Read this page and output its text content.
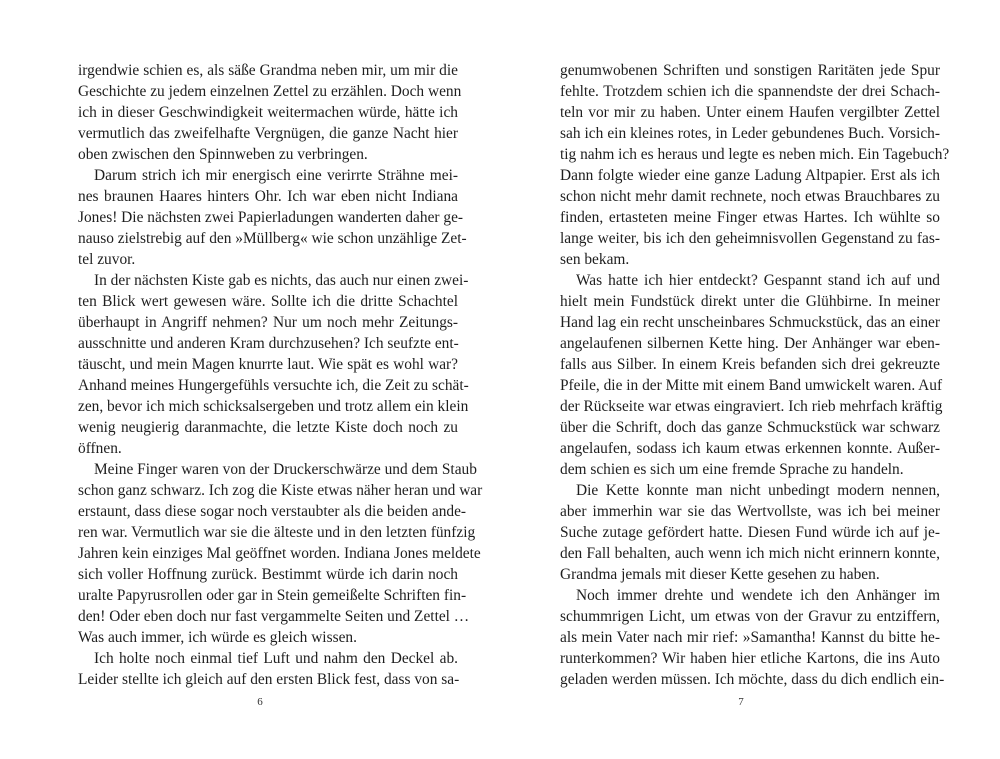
irgendwie schien es, als säße Grandma neben mir, um mir die
Geschichte zu jedem einzelnen Zettel zu erzählen. Doch wenn
ich in dieser Geschwindigkeit weitermachen würde, hätte ich
vermutlich das zweifelhafte Vergnügen, die ganze Nacht hier
oben zwischen den Spinnweben zu verbringen.
Darum strich ich mir energisch eine verirrte Strähne mei-
nes braunen Haares hinters Ohr. Ich war eben nicht Indiana
Jones! Die nächsten zwei Papierladungen wanderten daher ge-
nauso zielstrebig auf den »Müllberg« wie schon unzählige Zet-
tel zuvor.
In der nächsten Kiste gab es nichts, das auch nur einen zwei-
ten Blick wert gewesen wäre. Sollte ich die dritte Schachtel
überhaupt in Angriff nehmen? Nur um noch mehr Zeitungs-
ausschnitte und anderen Kram durchzusehen? Ich seufzte ent-
täuscht, und mein Magen knurrte laut. Wie spät es wohl war?
Anhand meines Hungergefühls versuchte ich, die Zeit zu schät-
zen, bevor ich mich schicksalsergeben und trotz allem ein klein
wenig neugierig daranmachte, die letzte Kiste doch noch zu
öffnen.
Meine Finger waren von der Druckerschwärze und dem Staub
schon ganz schwarz. Ich zog die Kiste etwas näher heran und war
erstaunt, dass diese sogar noch verstaubter als die beiden ande-
ren war. Vermutlich war sie die älteste und in den letzten fünfzig
Jahren kein einziges Mal geöffnet worden. Indiana Jones meldete
sich voller Hoffnung zurück. Bestimmt würde ich darin noch
uralte Papyrusrollen oder gar in Stein gemeißelte Schriften fin-
den! Oder eben doch nur fast vergammelte Seiten und Zettel …
Was auch immer, ich würde es gleich wissen.
Ich holte noch einmal tief Luft und nahm den Deckel ab.
Leider stellte ich gleich auf den ersten Blick fest, dass von sa-
genumwobenen Schriften und sonstigen Raritäten jede Spur
fehlte. Trotzdem schien ich die spannendste der drei Schach-
teln vor mir zu haben. Unter einem Haufen vergilbter Zettel
sah ich ein kleines rotes, in Leder gebundenes Buch. Vorsich-
tig nahm ich es heraus und legte es neben mich. Ein Tagebuch?
Dann folgte wieder eine ganze Ladung Altpapier. Erst als ich
schon nicht mehr damit rechnete, noch etwas Brauchbares zu
finden, ertasteten meine Finger etwas Hartes. Ich wühlte so
lange weiter, bis ich den geheimnisvollen Gegenstand zu fas-
sen bekam.
Was hatte ich hier entdeckt? Gespannt stand ich auf und
hielt mein Fundstück direkt unter die Glühbirne. In meiner
Hand lag ein recht unscheinbares Schmuckstück, das an einer
angelaufenen silbernen Kette hing. Der Anhänger war eben-
falls aus Silber. In einem Kreis befanden sich drei gekreuzte
Pfeile, die in der Mitte mit einem Band umwickelt waren. Auf
der Rückseite war etwas eingraviert. Ich rieb mehrfach kräftig
über die Schrift, doch das ganze Schmuckstück war schwarz
angelaufen, sodass ich kaum etwas erkennen konnte. Außer-
dem schien es sich um eine fremde Sprache zu handeln.
Die Kette konnte man nicht unbedingt modern nennen,
aber immerhin war sie das Wertvollste, was ich bei meiner
Suche zutage gefördert hatte. Diesen Fund würde ich auf je-
den Fall behalten, auch wenn ich mich nicht erinnern konnte,
Grandma jemals mit dieser Kette gesehen zu haben.
Noch immer drehte und wendete ich den Anhänger im
schummrigen Licht, um etwas von der Gravur zu entziffern,
als mein Vater nach mir rief: »Samantha! Kannst du bitte he-
runterkommen? Wir haben hier etliche Kartons, die ins Auto
geladen werden müssen. Ich möchte, dass du dich endlich ein-
6	7
